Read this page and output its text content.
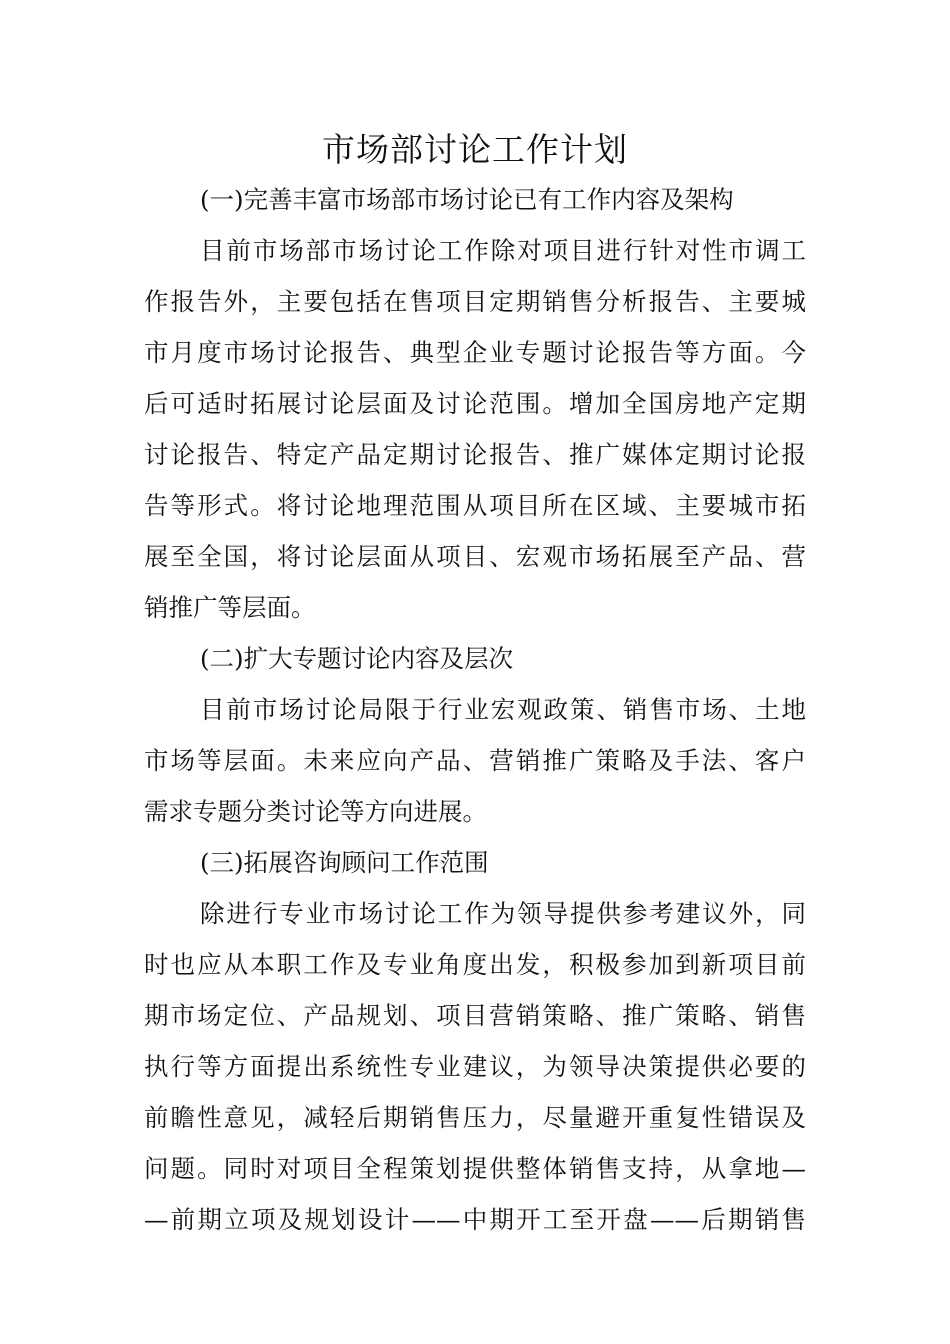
市场部讨论工作计划
(一)完善丰富市场部市场讨论已有工作内容及架构
目前市场部市场讨论工作除对项目进行针对性市调工
作报告外，主要包括在售项目定期销售分析报告、主要城
市月度市场讨论报告、典型企业专题讨论报告等方面。今
后可适时拓展讨论层面及讨论范围。增加全国房地产定期
讨论报告、特定产品定期讨论报告、推广媒体定期讨论报
告等形式。将讨论地理范围从项目所在区域、主要城市拓
展至全国，将讨论层面从项目、宏观市场拓展至产品、营
销推广等层面。
(二)扩大专题讨论内容及层次
目前市场讨论局限于行业宏观政策、销售市场、土地
市场等层面。未来应向产品、营销推广策略及手法、客户
需求专题分类讨论等方向进展。
(三)拓展咨询顾问工作范围
除进行专业市场讨论工作为领导提供参考建议外，同
时也应从本职工作及专业角度出发，积极参加到新项目前
期市场定位、产品规划、项目营销策略、推广策略、销售
执行等方面提出系统性专业建议，为领导决策提供必要的
前瞻性意见，减轻后期销售压力，尽量避开重复性错误及
问题。同时对项目全程策划提供整体销售支持，从拿地—
—前期立项及规划设计——中期开工至开盘——后期销售
